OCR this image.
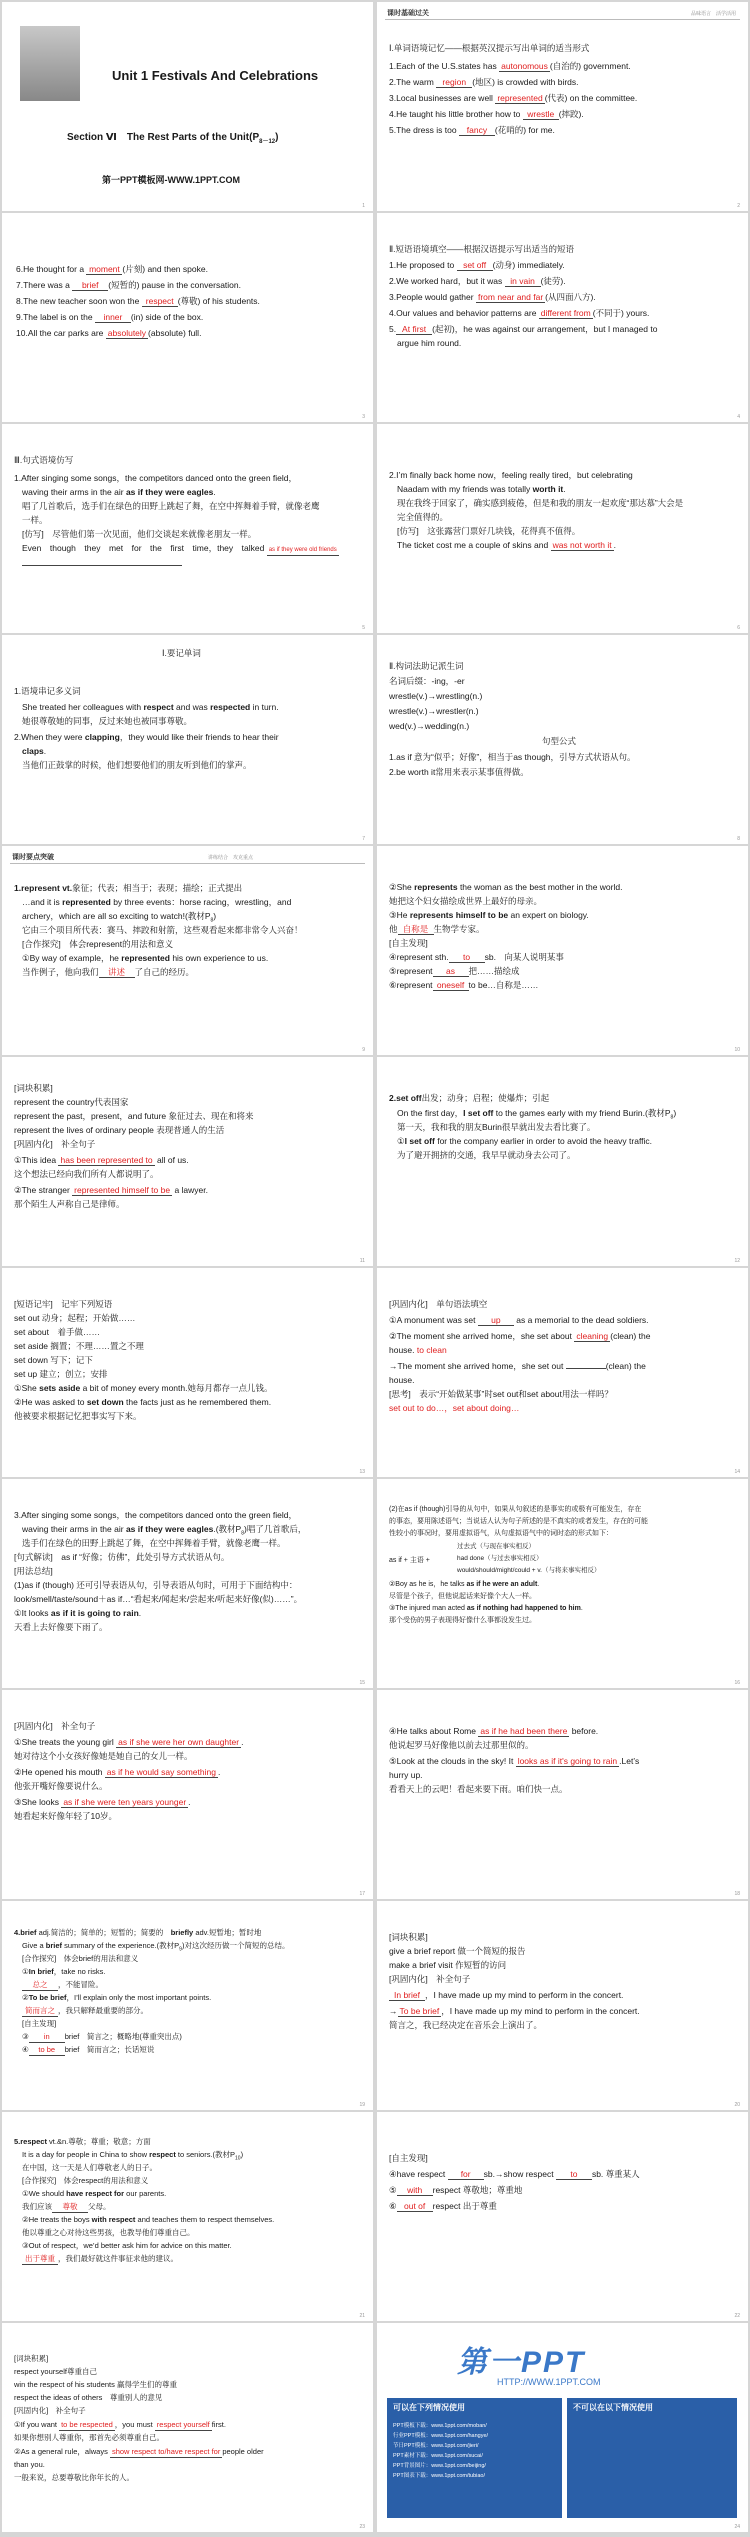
Unit 1 Festivals And Celebrations
Section Ⅵ　The Rest Parts of the $Unit(P_{8-12})$
第一PPT模板网-WWW.1PPT.COM
1
课时基础过关	品味语言　活学活用
Ⅰ.单词语境记忆——根据英汉提示写出单词的适当形式
1.Each of the U.S.states has autonomous (自治的) government.
2.The warm region (地区) is crowded with birds.
3.Local businesses are well represented (代表) on the committee.
4.He taught his little brother how to wrestle (摔跤).
5.The dress is too fancy (花哨的) for me.
2
6.He thought for a moment (片刻) and then spoke.
7.There was a brief (短暂的) pause in the conversation.
8.The new teacher soon won the respect (尊敬) of his students.
9.The label is on the inner (in) side of the box.
10.All the car parks are absolutely (absolute) full.
3
Ⅱ.短语语境填空——根据汉语提示写出适当的短语
1.He proposed to set off (动身) immediately.
2.We worked hard，but it was in vain (徒劳).
3.People would gather from near and far (从四面八方).
4.Our values and behavior patterns are different from (不同于) yours.
5. At first (起初)，he was against our arrangement，but I managed to
argue him round.
4
Ⅲ.句式语境仿写
1.After singing some songs，the competitors danced onto the green field，
waving their arms in the air as if they were eagles.
唱了几首歌后，选手们在绿色的田野上跳起了舞，在空中挥舞着手臂，就像老鹰
一样。
[仿写]　尽管他们第一次见面，他们交谈起来就像老朋友一样。
Even　though　they　met　for　the　first　time，they　talked as if they were old friends
5
2.I’m finally back home now，feeling really tired，but celebrating
Naadam with my friends was totally worth it.
现在我终于回家了，确实感到疲倦，但是和我的朋友一起欢度“那达慕”大会是
完全值得的。
[仿写]　这张露营门票好几块钱，花得真不值得。
The ticket cost me a couple of skins and was not worth it .
6
Ⅰ.要记单词
1.语境串记多义词
She treated her colleagues with respect and was respected in turn.
她很尊敬她的同事，反过来她也被同事尊敬。
2.When they were clapping，they would like their friends to hear their
claps.
当他们正鼓掌的时候，他们想要他们的朋友听到他们的掌声。
7
Ⅱ.构词法助记派生词
名词后缀：-ing，-er
wrestle(v.)→wrestling(n.)
wrestle(v.)→wrestler(n.)
wed(v.)→wedding(n.)
句型公式
1.as if 意为“似乎；好像”，相当于as though，引导方式状语从句。
2.be worth it常用来表示某事值得做。
8
课时要点突破	讲练结合　攻克重点
1.represent vt.象征；代表；相当于；表现；描绘；正式提出
…and it is represented by three events：horse racing，wrestling，and
archery，which are all so exciting to watch!(教材$P_8$)
它由三个项目所代表：赛马、摔跤和射箭，这些观看起来都非常令人兴奋！
[合作探究]　体会represent的用法和意义
①By way of example，he represented his own experience to us.
当作例子，他向我们 讲述 了自己的经历。
9
②She represents the woman as the best mother in the world.
她把这个妇女描绘成世界上最好的母亲。
③He represents himself to be an expert on biology.
他 自称是 生物学专家。
[自主发现]
④represent sth. to sb.　向某人说明某事
⑤represent as 把……描绘成
⑥represent oneself to be…自称是……
10
[词块积累]
represent the country代表国家
represent the past，present，and future 象征过去、现在和将来
represent the lives of ordinary people 表现普通人的生活
[巩固内化]　补全句子
①This idea has been represented to all of us.
这个想法已经向我们所有人都说明了。
②The stranger represented himself to be a lawyer.
那个陌生人声称自己是律师。
11
2.set off出发；动身；启程；使爆炸；引起
On the first day，I set off to the games early with my friend Burin.(教材$P_8$)
第一天，我和我的朋友Burin很早就出发去看比赛了。
①I set off for the company earlier in order to avoid the heavy traffic.
为了避开拥挤的交通，我早早就动身去公司了。
12
[短语记牢]　记牢下列短语
set out 动身；起程；开始做……
set about　着手做……
set aside 搁置；不理……置之不理
set down 写下；记下
set up 建立；创立；安排
①She sets aside a bit of money every month.她每月都存一点儿钱。
②He was asked to set down the facts just as he remembered them.
他被要求根据记忆把事实写下来。
13
[巩固内化]　单句语法填空
①A monument was set up as a memorial to the dead soldiers.
②The moment she arrived home，she set about cleaning (clean) the
house. to clean
→The moment she arrived home，she set out	(clean) the
house.
[思考]　表示“开始做某事”时set out和set about用法一样吗？
set out to do…，set about doing…
14
3.After singing some songs，the competitors danced onto the green field，
waving their arms in the air as if they were eagles.(教材$P_8$)唱了几首歌后，
选手们在绿色的田野上跳起了舞，在空中挥舞着手臂，就像老鹰一样。
[句式解读]　as if “好像；仿佛”，此处引导方式状语从句。
[用法总结]
(1)as if (though) 还可引导表语从句，引导表语从句时，可用于下面结构中：
look/smell/taste/sound＋as if…“看起来/闻起来/尝起来/听起来好像(似)……”。
①It looks as if it is going to rain.
天看上去好像要下雨了。
15
(2)在as if (though)引导的从句中，如果从句叙述的是事实的或极有可能发生，存在
的事态，要用陈述语气；当说话人认为句子所述的是不真实的或者发生，存在的可能
性较小的事况时，要用虚拟语气，从句虚拟语气中的词时态的形式如下：
as if + 主语 +
过去式（与现在事实相反）
had done（与过去事实相反）
would/should/might/could + v.（与将来事实相反）
②Boy as he is，he talks as if he were an adult.
尽管是个孩子，但他说起话来好像个大人一样。
③The injured man acted as if nothing had happened to him.
那个受伤的男子表现得好像什么事都没发生过。
16
[巩固内化]　补全句子
①She treats the young girl as if she were her own daughter .
她对待这个小女孩好像她是她自己的女儿一样。
②He opened his mouth as if he would say something .
他张开嘴好像要说什么。
③She looks as if she were ten years younger .
她看起来好像年轻了10岁。
17
④He talks about Rome as if he had been there before.
他说起罗马好像他以前去过那里似的。
⑤Look at the clouds in the sky! It looks as if it's going to rain .Let’s
hurry up.
看看天上的云吧！看起来要下雨。咱们快一点。
18
4.brief adj.简洁的；简单的；短暂的；简要的　briefly adv.短暂地；暂时地
Give a brief summary of the experience.(教材$P_9$)对这次经历做一个简短的总结。
[合作探究]　体会brief的用法和意义
①In brief，take no risks.
总之 ，不能冒险。
②To be brief，I’ll explain only the most important points.
简而言之 ，我只解释最重要的部分。
[自主发现]
③ in brief　简言之；概略地(尊重突出点)
④ to be brief　简而言之；长话短说
19
[词块积累]
give a brief report 做一个简短的报告
make a brief visit 作短暂的访问
[巩固内化]　补全句子
In brief ，I have made up my mind to perform in the concert.
→ To be brief ，I have made up my mind to perform in the concert.
简言之，我已经决定在音乐会上演出了。
20
5.respect vt.&n.尊敬；尊重；敬意；方面
It is a day for people in China to show respect to seniors.(教材$P_{10}$)
在中国，这一天是人们尊敬老人的日子。
[合作探究]　体会respect的用法和意义
①We should have respect for our parents.
我们应该 尊敬 父母。
②He treats the boys with respect and teaches them to respect themselves.
他以尊重之心对待这些男孩，也教导他们尊重自己。
③Out of respect，we’d better ask him for advice on this matter.
出于尊重 ，我们最好就这件事征求他的建议。
21
[自主发现]
④have respect for sb.→show respect to sb. 尊重某人
⑤ with respect 尊敬地；尊重地
⑥ out of respect 出于尊重
22
[词块积累]
respect yourself尊重自己
win the respect of his students 赢得学生们的尊重
respect the ideas of others　尊重别人的意见
[巩固内化]　补全句子
①If you want to be respected ，you must respect yourself first.
如果你想别人尊重你，那首先必须尊重自己。
②As a general rule，always show respect to/have respect for people older
than you.
一般来说，总要尊敬比你年长的人。
23
第一PPT
HTTP://WWW.1PPT.COM
可以在下列情况使用
PPT模板下载：www.1ppt.com/moban/
行业PPT模板：www.1ppt.com/hangye/
节日PPT模板：www.1ppt.com/jieri/
PPT素材下载：www.1ppt.com/sucai/
PPT背景图片：www.1ppt.com/beijing/
PPT图表下载：www.1ppt.com/tubiao/
不可以在以下情况使用
24
